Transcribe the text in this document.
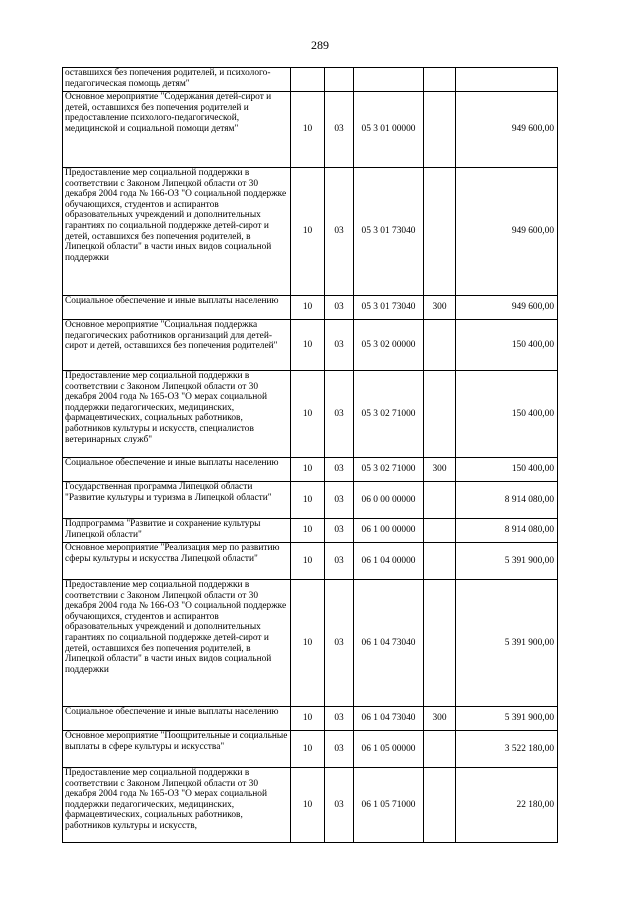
289
оставшихся без попечения родителей, и психолого-педагогическая помощь детям"					
Основное мероприятие "Содержания детей-сирот и детей, оставшихся без попечения родителей и предоставление психолого-педагогической, медицинской и социальной помощи детям"	10	03	05 3 01 00000		949 600,00
Предоставление мер социальной поддержки в соответствии с Законом Липецкой области от 30 декабря 2004 года № 166-ОЗ "О социальной поддержке обучающихся, студентов и аспирантов образовательных учреждений и дополнительных гарантиях по социальной поддержке детей-сирот и детей, оставшихся без попечения родителей, в Липецкой области" в части иных видов социальной поддержки	10	03	05 3 01 73040		949 600,00
Социальное обеспечение и иные выплаты населению	10	03	05 3 01 73040	300	949 600,00
Основное мероприятие "Социальная поддержка педагогических работников организаций для детей-сирот и детей, оставшихся без попечения родителей"	10	03	05 3 02 00000		150 400,00
Предоставление мер социальной поддержки в соответствии с Законом Липецкой области от 30 декабря 2004 года № 165-ОЗ "О мерах социальной поддержки педагогических, медицинских, фармацевтических, социальных работников, работников культуры и искусств, специалистов ветеринарных служб"	10	03	05 3 02 71000		150 400,00
Социальное обеспечение и иные выплаты населению	10	03	05 3 02 71000	300	150 400,00
Государственная программа Липецкой области "Развитие культуры и туризма в Липецкой области"	10	03	06 0 00 00000		8 914 080,00
Подпрограмма "Развитие и сохранение культуры Липецкой области"	10	03	06 1 00 00000		8 914 080,00
Основное мероприятие "Реализация мер по развитию сферы культуры и искусства Липецкой области"	10	03	06 1 04 00000		5 391 900,00
Предоставление мер социальной поддержки в соответствии с Законом Липецкой области от 30 декабря 2004 года № 166-ОЗ "О социальной поддержке обучающихся, студентов и аспирантов образовательных учреждений и дополнительных гарантиях по социальной поддержке детей-сирот и детей, оставшихся без попечения родителей, в Липецкой области" в части иных видов социальной поддержки	10	03	06 1 04 73040		5 391 900,00
Социальное обеспечение и иные выплаты населению	10	03	06 1 04 73040	300	5 391 900,00
Основное мероприятие "Поощрительные и социальные выплаты в сфере культуры и искусства"	10	03	06 1 05 00000		3 522 180,00
Предоставление мер социальной поддержки в соответствии с Законом Липецкой области от 30 декабря 2004 года № 165-ОЗ "О мерах социальной поддержки педагогических, медицинских, фармацевтических, социальных работников, работников культуры и искусств,	10	03	06 1 05 71000		22 180,00
